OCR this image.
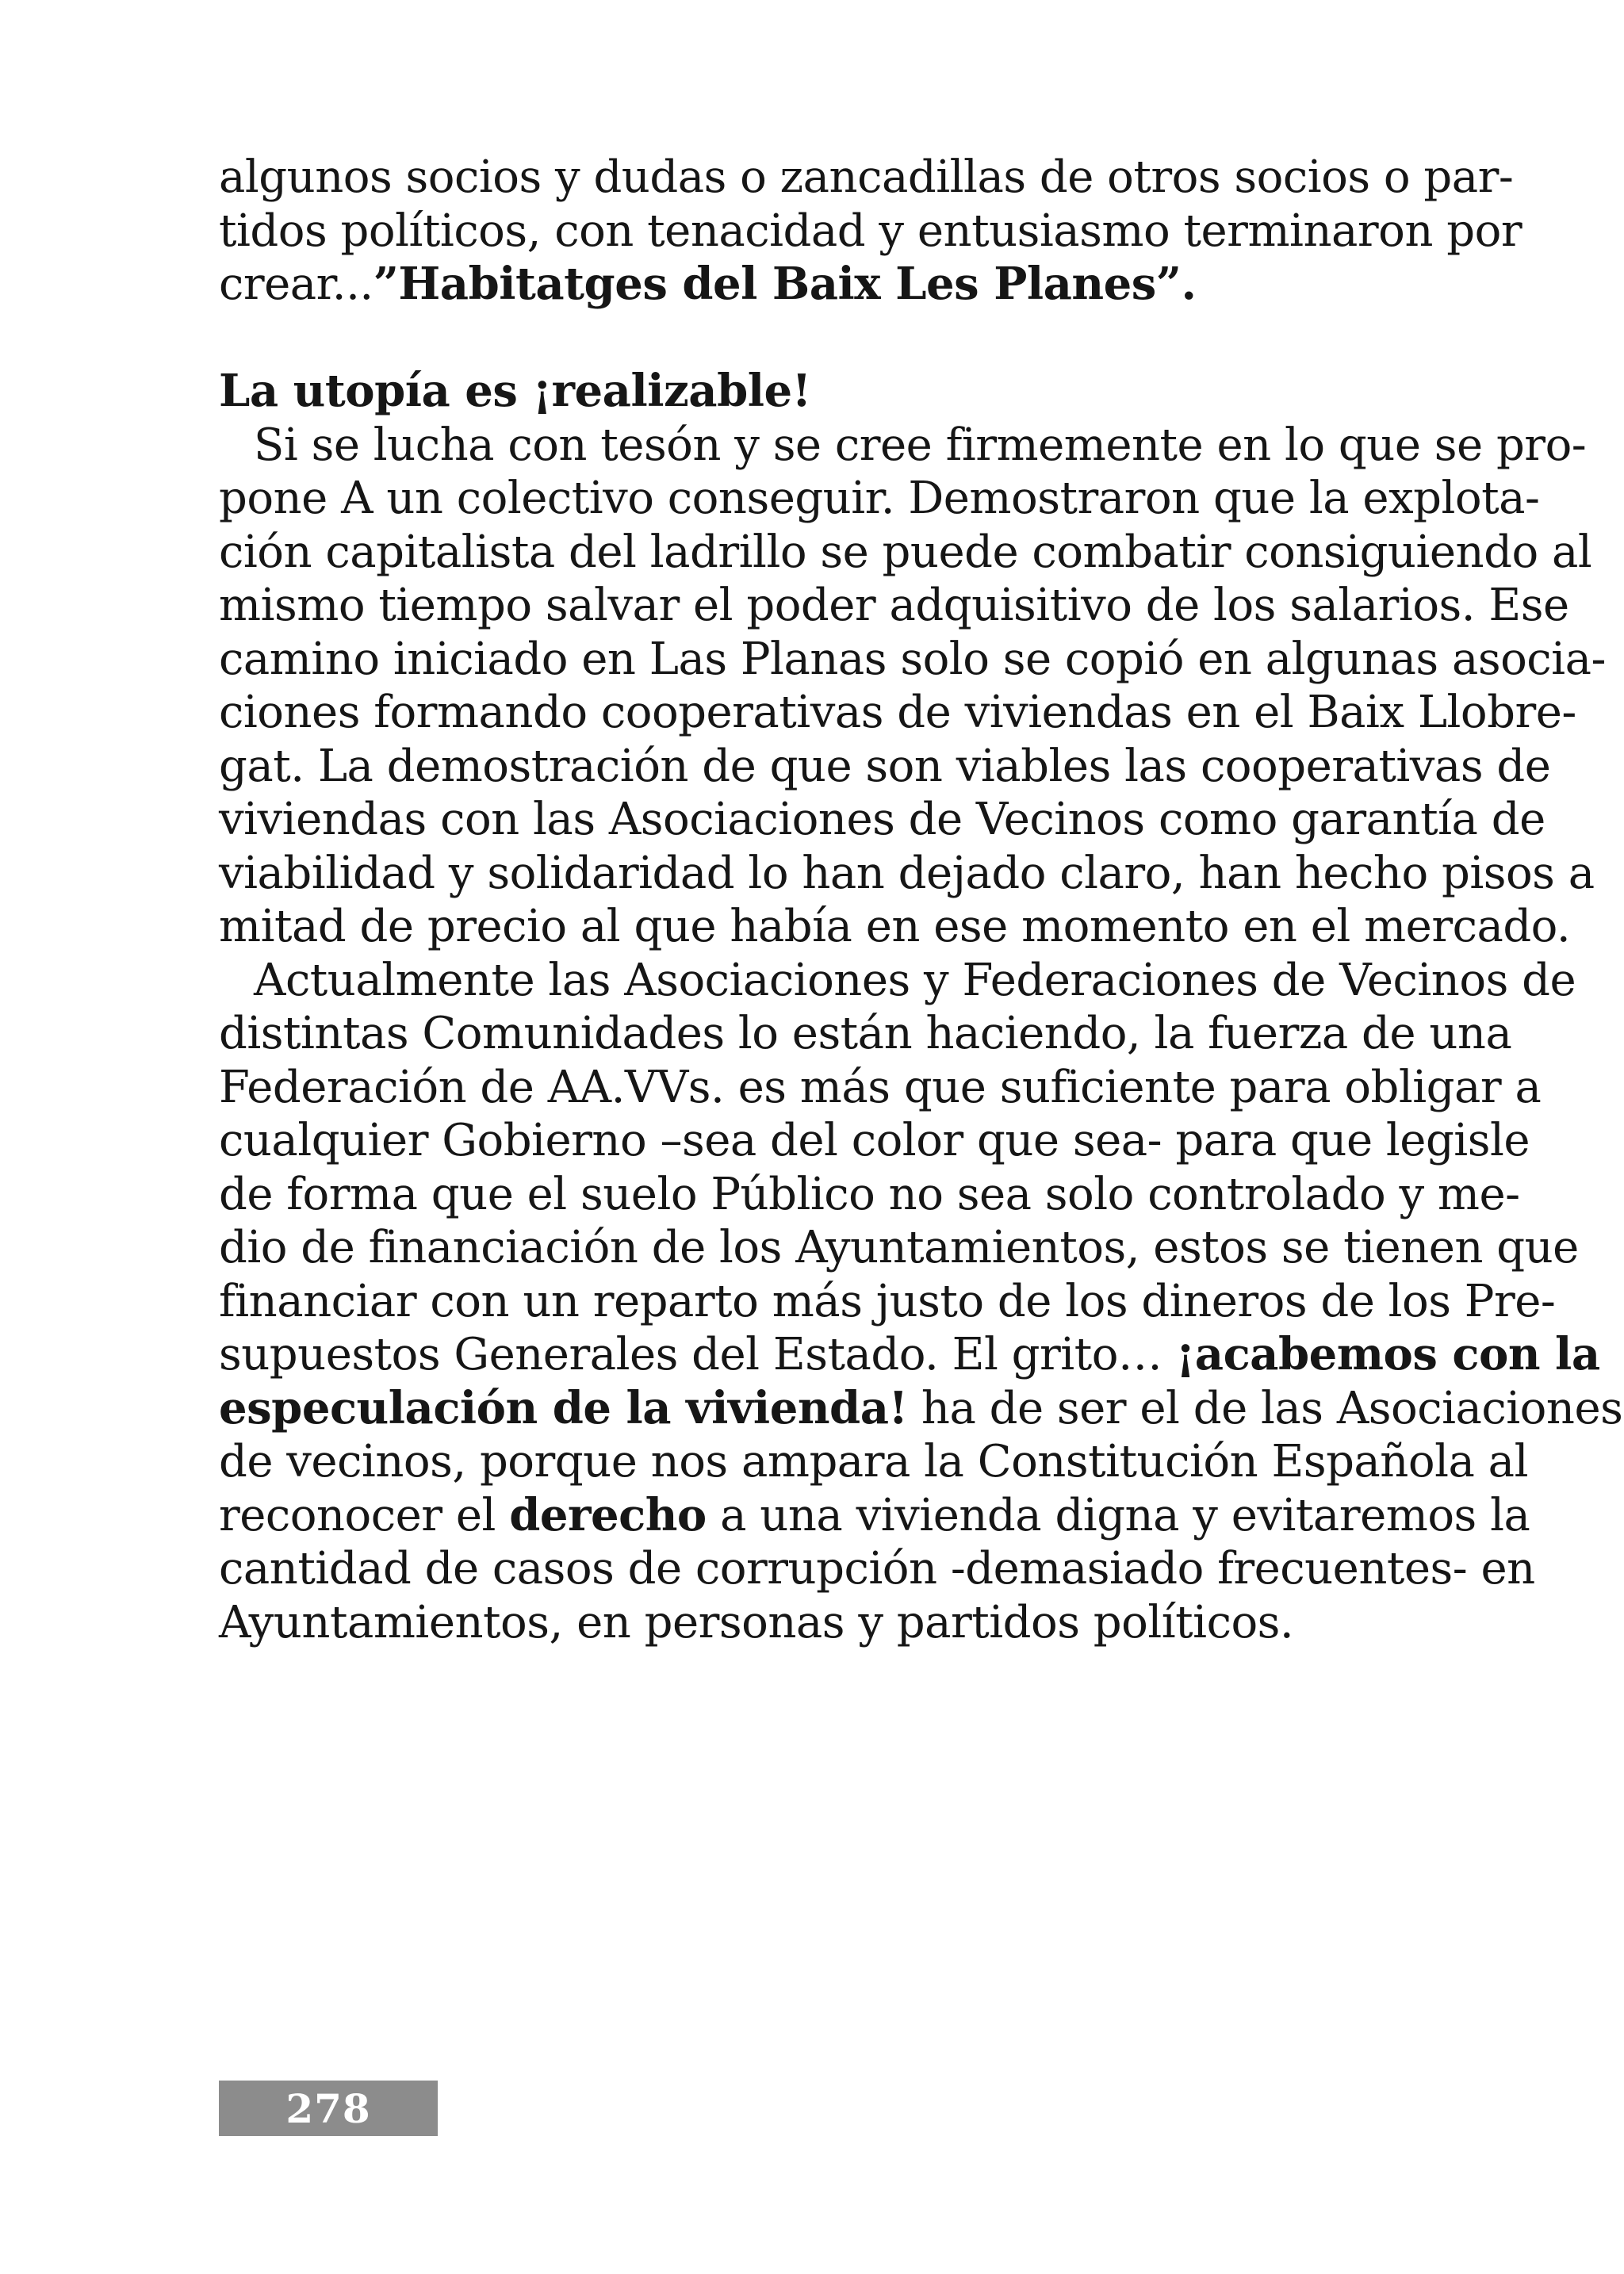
algunos socios y dudas o zancadillas de otros socios o par-
tidos políticos, con tenacidad y entusiasmo terminaron por
crear...”Habitatges del Baix Les Planes”.
La utopía es ¡realizable!
Si se lucha con tesón y se cree firmemente en lo que se pro-
pone A un colectivo conseguir. Demostraron que la explota-
ción capitalista del ladrillo se puede combatir consiguiendo al
mismo tiempo salvar el poder adquisitivo de los salarios. Ese
camino iniciado en Las Planas solo se copió en algunas asocia-
ciones formando cooperativas de viviendas en el Baix Llobre-
gat. La demostración de que son viables las cooperativas de
viviendas con las Asociaciones de Vecinos como garantía de
viabilidad y solidaridad lo han dejado claro, han hecho pisos a
mitad de precio al que había en ese momento en el mercado.
Actualmente las Asociaciones y Federaciones de Vecinos de
distintas Comunidades lo están haciendo, la fuerza de una
Federación de AA.VVs. es más que suficiente para obligar a
cualquier Gobierno –sea del color que sea- para que legisle
de forma que el suelo Público no sea solo controlado y me-
dio de financiación de los Ayuntamientos, estos se tienen que
financiar con un reparto más justo de los dineros de los Pre-
supuestos Generales del Estado. El grito… ¡acabemos con la
especulación de la vivienda! ha de ser el de las Asociaciones
de vecinos, porque nos ampara la Constitución Española al
reconocer el derecho a una vivienda digna y evitaremos la
cantidad de casos de corrupción -demasiado frecuentes- en
Ayuntamientos, en personas y partidos políticos.
278
